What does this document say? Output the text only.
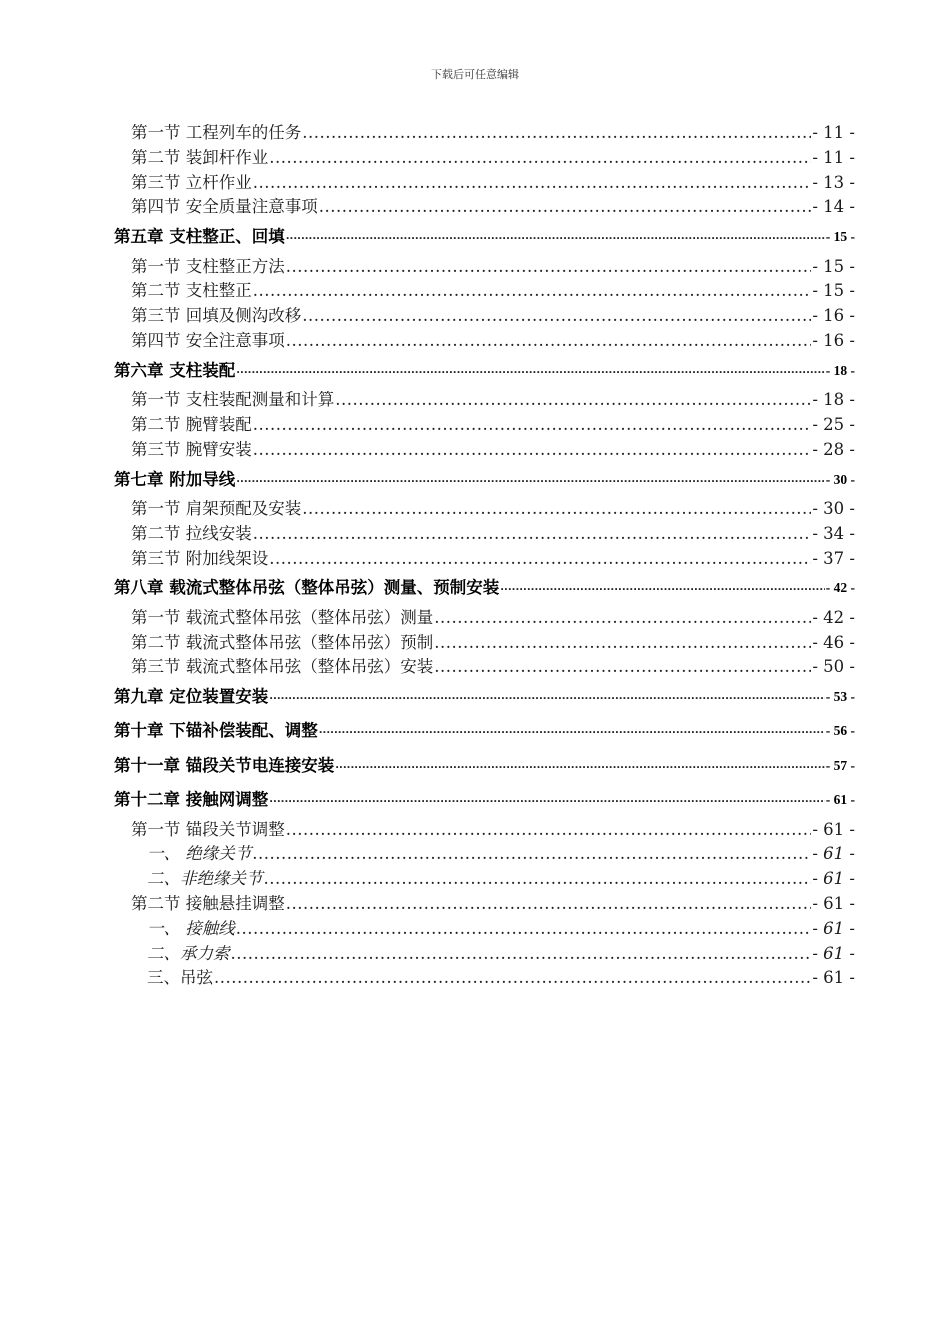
下载后可任意编辑
第一节 工程列车的任务 .....	- 11 -
第二节 装卸杆作业 .....	- 11 -
第三节 立杆作业 .....	- 13 -
第四节 安全质量注意事项 .....	- 14 -
第五章 支柱整正、回填 .....	- 15 -
第一节 支柱整正方法 .....	- 15 -
第二节 支柱整正 .....	- 15 -
第三节 回填及侧沟改移 .....	- 16 -
第四节 安全注意事项 .....	- 16 -
第六章 支柱装配 .....	- 18 -
第一节 支柱装配测量和计算 .....	- 18 -
第二节 腕臂装配 .....	- 25 -
第三节 腕臂安装 .....	- 28 -
第七章 附加导线 .....	- 30 -
第一节 肩架预配及安装 .....	- 30 -
第二节 拉线安装 .....	- 34 -
第三节 附加线架设 .....	- 37 -
第八章 载流式整体吊弦（整体吊弦）测量、预制安装 .....	- 42 -
第一节 载流式整体吊弦（整体吊弦）测量 .....	- 42 -
第二节 载流式整体吊弦（整体吊弦）预制 .....	- 46 -
第三节 载流式整体吊弦（整体吊弦）安装 .....	- 50 -
第九章 定位装置安装 .....	- 53 -
第十章 下锚补偿装配、调整 .....	- 56 -
第十一章 锚段关节电连接安装 .....	- 57 -
第十二章 接触网调整 .....	- 61 -
第一节 锚段关节调整 .....	- 61 -
一、 绝缘关节 .....	- 61 -
二、非绝缘关节 .....	- 61 -
第二节 接触悬挂调整 .....	- 61 -
一、 接触线 .....	- 61 -
二、承力索 .....	- 61 -
三、吊弦 .....	- 61 -
